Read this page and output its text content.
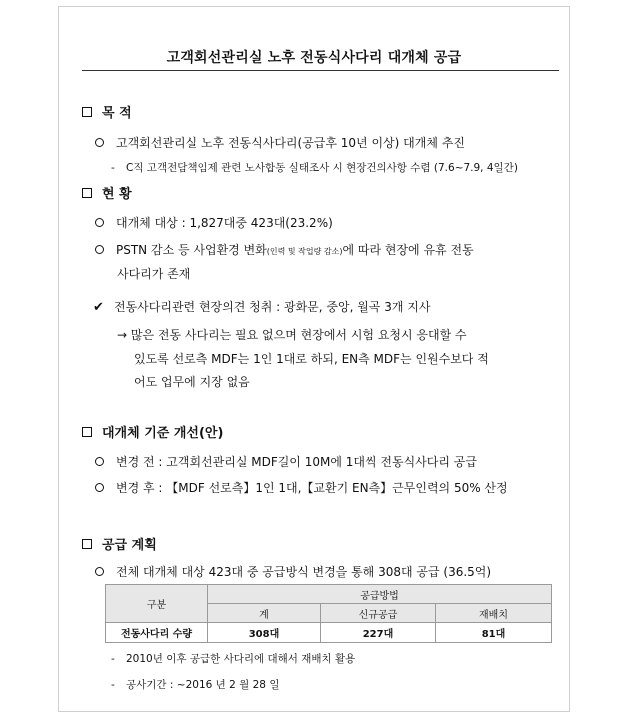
고객회선관리실 노후 전동식사다리 대개체 공급
목 적
고객회선관리실 노후 전동식사다리(공급후 10년 이상) 대개체 추진
- C직 고객전담책임제 관련 노사합동 실태조사 시 현장건의사항 수렴 (7.6~7.9, 4일간)
현 황
대개체 대상 : 1,827대중 423대(23.2%)
PSTN 감소 등 사업환경 변화(인력 및 작업량 감소)에 따라 현장에 유휴 전동
사다리가 존재
✔ 전동사다리관련 현장의견 청취 : 광화문, 중앙, 월곡 3개 지사
→ 많은 전동 사다리는 필요 없으며 현장에서 시험 요청시 응대할 수
있도록 선로측 MDF는 1인 1대로 하되, EN측 MDF는 인원수보다 적
어도 업무에 지장 없음
대개체 기준 개선(안)
변경 전 : 고객회선관리실 MDF길이 10M에 1대씩 전동식사다리 공급
변경 후 : 【MDF 선로측】1인 1대,【교환기 EN측】근무인력의 50% 산정
공급 계획
전체 대개체 대상 423대 중 공급방식 변경을 통해 308대 공급 (36.5억)
구분	공급방법		
	계	신규공급	재배치
전동사다리 수량	308대	227대	81대
- 2010년 이후 공급한 사다리에 대해서 재배치 활용
- 공사기간 : ~2016 년 2 월 28 일
